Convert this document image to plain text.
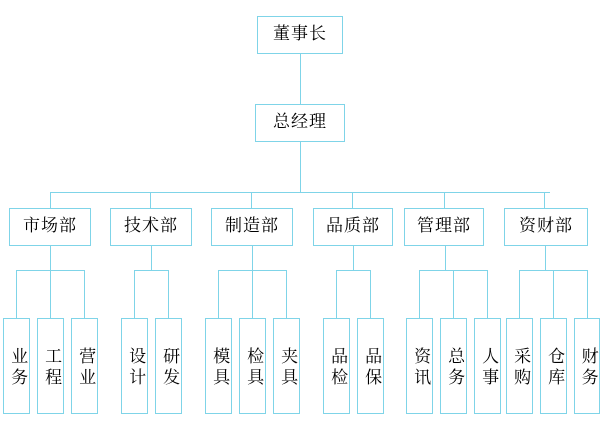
董事长
总经理
市场部	技术部	制造部	品质部 管理部	资财部
业务 工程 营业 设计 研发 模具 检具 夹具 品检 品保 资讯 总务 人事 采购 仓库 财务
